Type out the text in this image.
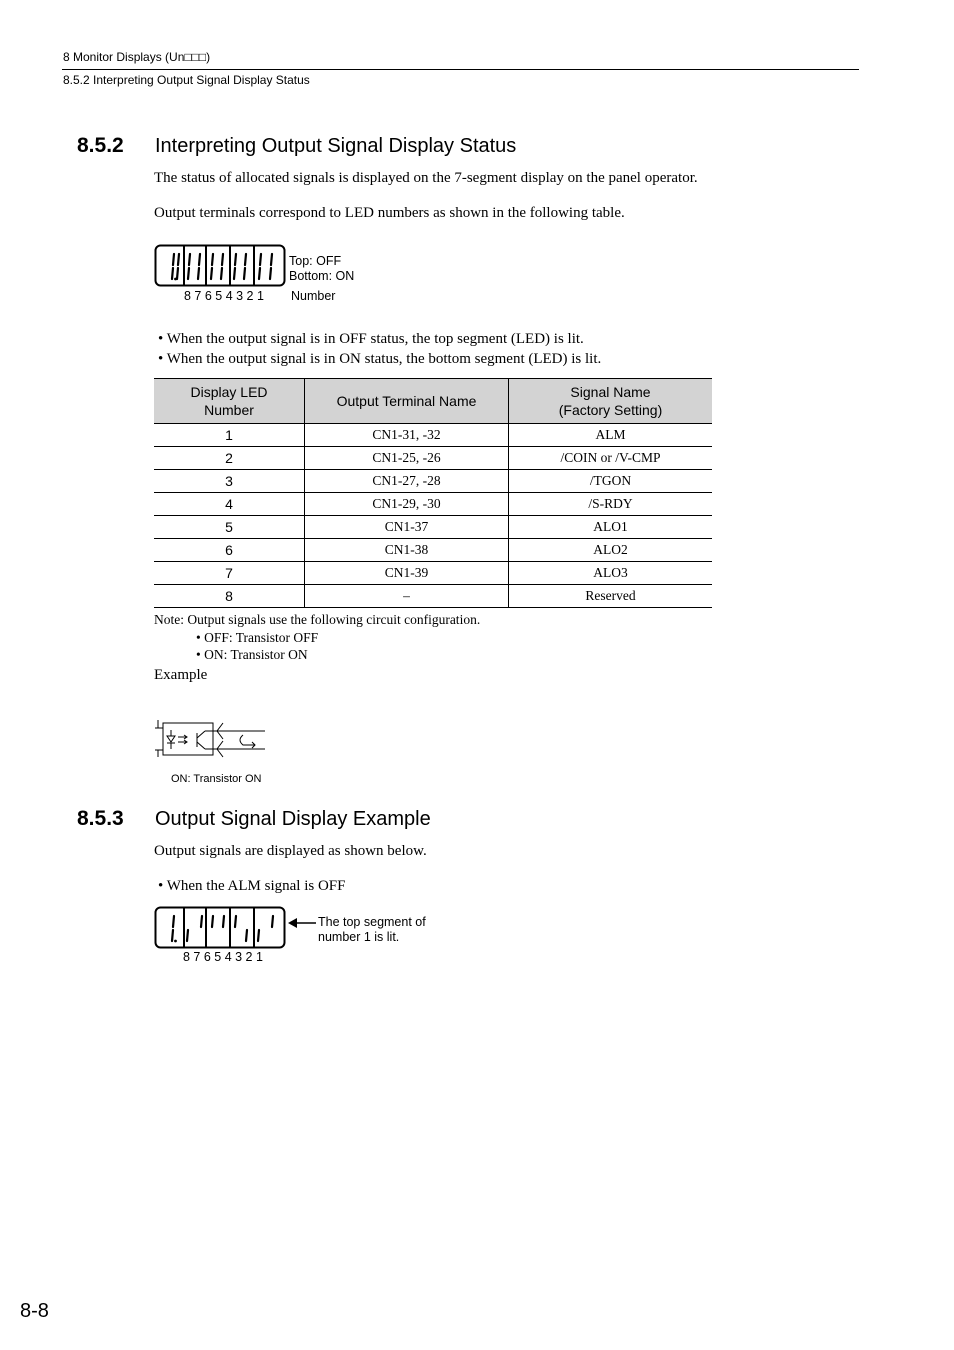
8 Monitor Displays (Un□□□)
8.5.2 Interpreting Output Signal Display Status
8.5.2 Interpreting Output Signal Display Status
The status of allocated signals is displayed on the 7-segment display on the panel operator.
Output terminals correspond to LED numbers as shown in the following table.
Top: OFF
Bottom: ON
8 7 6 5 4 3 2 1 Number
• When the output signal is in OFF status, the top segment (LED) is lit.
• When the output signal is in ON status, the bottom segment (LED) is lit.
Display LED
Number	Output Terminal Name	Signal Name
(Factory Setting)
1	CN1-31, -32	ALM
2	CN1-25, -26	/COIN or /V-CMP
3	CN1-27, -28	/TGON
4	CN1-29, -30	/S-RDY
5	CN1-37	ALO1
6	CN1-38	ALO2
7	CN1-39	ALO3
8	–	Reserved
Note: Output signals use the following circuit configuration.
• OFF: Transistor OFF
• ON: Transistor ON
Example
ON: Transistor ON
8.5.3 Output Signal Display Example
Output signals are displayed as shown below.
• When the ALM signal is OFF
The top segment of
number 1 is lit.
8 7 6 5 4 3 2 1
8-8
